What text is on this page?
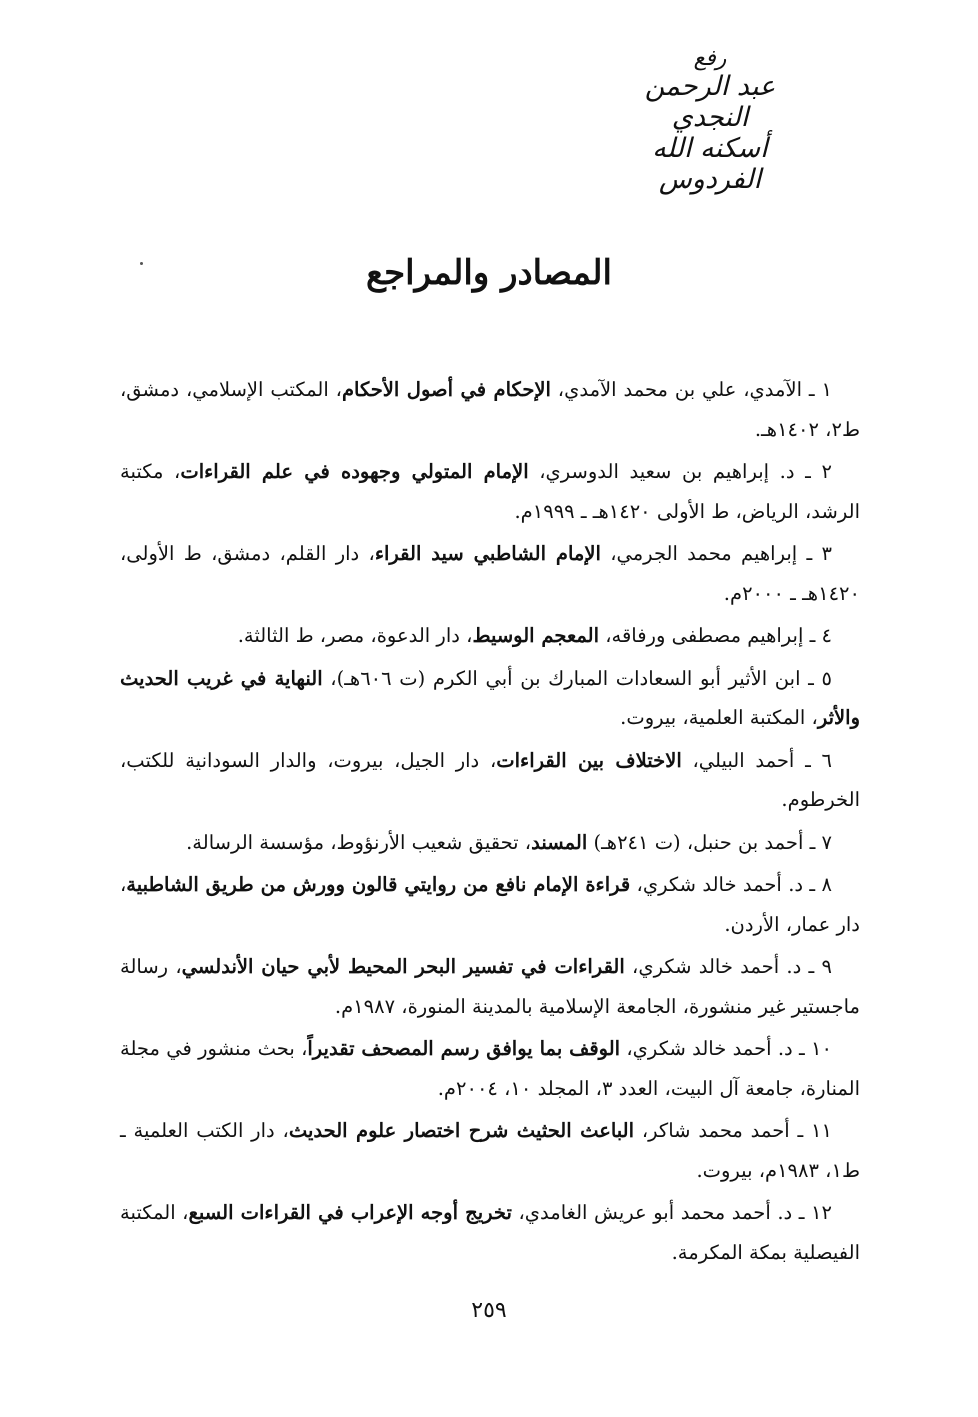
رفع
عبد الرحمن النجدي
أسكنه الله الفردوس
المصادر والمراجع
١ ـ الآمدي، علي بن محمد الآمدي، الإحكام في أصول الأحكام، المكتب الإسلامي، دمشق، ط٢، ١٤٠٢هـ.
٢ ـ د. إبراهيم بن سعيد الدوسري، الإمام المتولي وجهوده في علم القراءات، مكتبة الرشد، الرياض، ط الأولى ١٤٢٠هـ ـ ١٩٩٩م.
٣ ـ إبراهيم محمد الجرمي، الإمام الشاطبي سيد القراء، دار القلم، دمشق، ط الأولى، ١٤٢٠هـ ـ ٢٠٠٠م.
٤ ـ إبراهيم مصطفى ورفاقه، المعجم الوسيط، دار الدعوة، مصر، ط الثالثة.
٥ ـ ابن الأثير أبو السعادات المبارك بن أبي الكرم (ت ٦٠٦هـ)، النهاية في غريب الحديث والأثر، المكتبة العلمية، بيروت.
٦ ـ أحمد البيلي، الاختلاف بين القراءات، دار الجيل، بيروت، والدار السودانية للكتب، الخرطوم.
٧ ـ أحمد بن حنبل، (ت ٢٤١هـ) المسند، تحقيق شعيب الأرنؤوط، مؤسسة الرسالة.
٨ ـ د. أحمد خالد شكري، قراءة الإمام نافع من روايتي قالون وورش من طريق الشاطبية، دار عمار، الأردن.
٩ ـ د. أحمد خالد شكري، القراءات في تفسير البحر المحيط لأبي حيان الأندلسي، رسالة ماجستير غير منشورة، الجامعة الإسلامية بالمدينة المنورة، ١٩٨٧م.
١٠ ـ د. أحمد خالد شكري، الوقف بما يوافق رسم المصحف تقديراً، بحث منشور في مجلة المنارة، جامعة آل البيت، العدد ٣، المجلد ١٠، ٢٠٠٤م.
١١ ـ أحمد محمد شاكر، الباعث الحثيث شرح اختصار علوم الحديث، دار الكتب العلمية ـ ط١، ١٩٨٣م، بيروت.
١٢ ـ د. أحمد محمد أبو عريش الغامدي، تخريج أوجه الإعراب في القراءات السبع، المكتبة الفيصلية بمكة المكرمة.
٢٥٩
